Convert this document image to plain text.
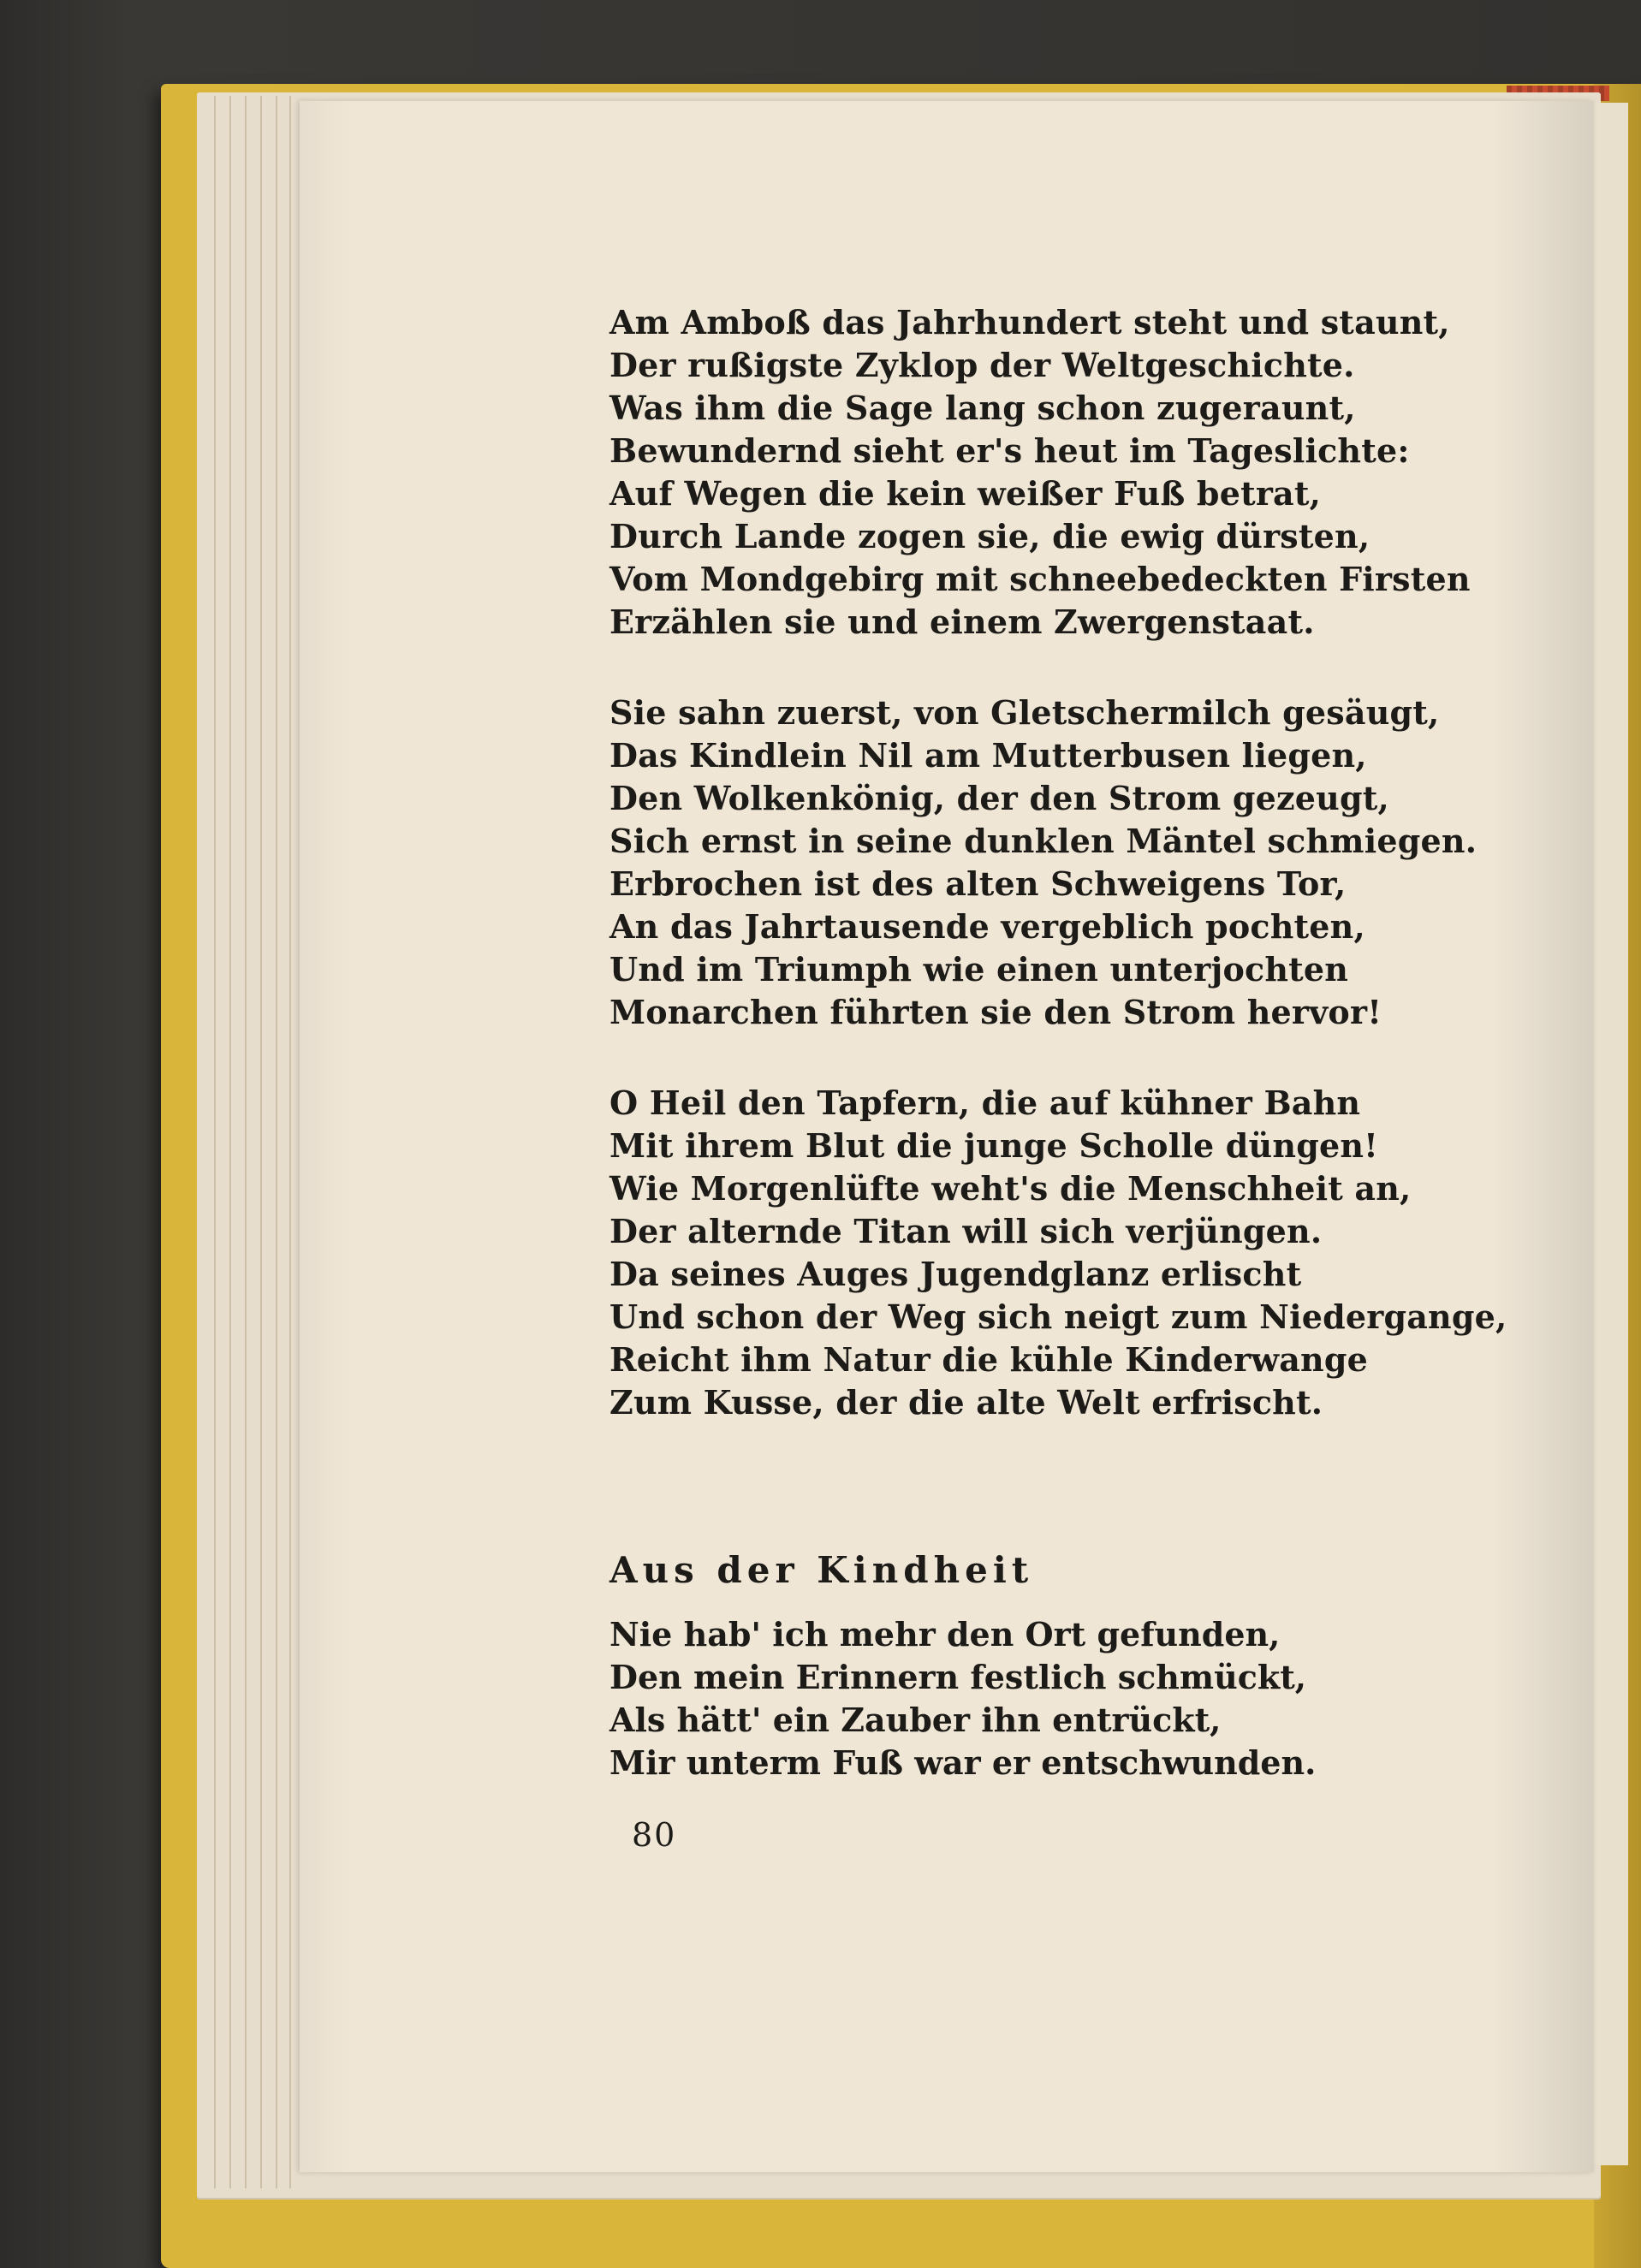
Am Amboß das Jahrhundert steht und staunt,
Der rußigste Zyklop der Weltgeschichte.
Was ihm die Sage lang schon zugeraunt,
Bewundernd sieht er's heut im Tageslichte:
Auf Wegen die kein weißer Fuß betrat,
Durch Lande zogen sie, die ewig dürsten,
Vom Mondgebirg mit schneebedeckten Firsten
Erzählen sie und einem Zwergenstaat.
Sie sahn zuerst, von Gletschermilch gesäugt,
Das Kindlein Nil am Mutterbusen liegen,
Den Wolkenkönig, der den Strom gezeugt,
Sich ernst in seine dunklen Mäntel schmiegen.
Erbrochen ist des alten Schweigens Tor,
An das Jahrtausende vergeblich pochten,
Und im Triumph wie einen unterjochten
Monarchen führten sie den Strom hervor!
O Heil den Tapfern, die auf kühner Bahn
Mit ihrem Blut die junge Scholle düngen!
Wie Morgenlüfte weht's die Menschheit an,
Der alternde Titan will sich verjüngen.
Da seines Auges Jugendglanz erlischt
Und schon der Weg sich neigt zum Niedergange,
Reicht ihm Natur die kühle Kinderwange
Zum Kusse, der die alte Welt erfrischt.
Aus der Kindheit
Nie hab' ich mehr den Ort gefunden,
Den mein Erinnern festlich schmückt,
Als hätt' ein Zauber ihn entrückt,
Mir unterm Fuß war er entschwunden.
80
